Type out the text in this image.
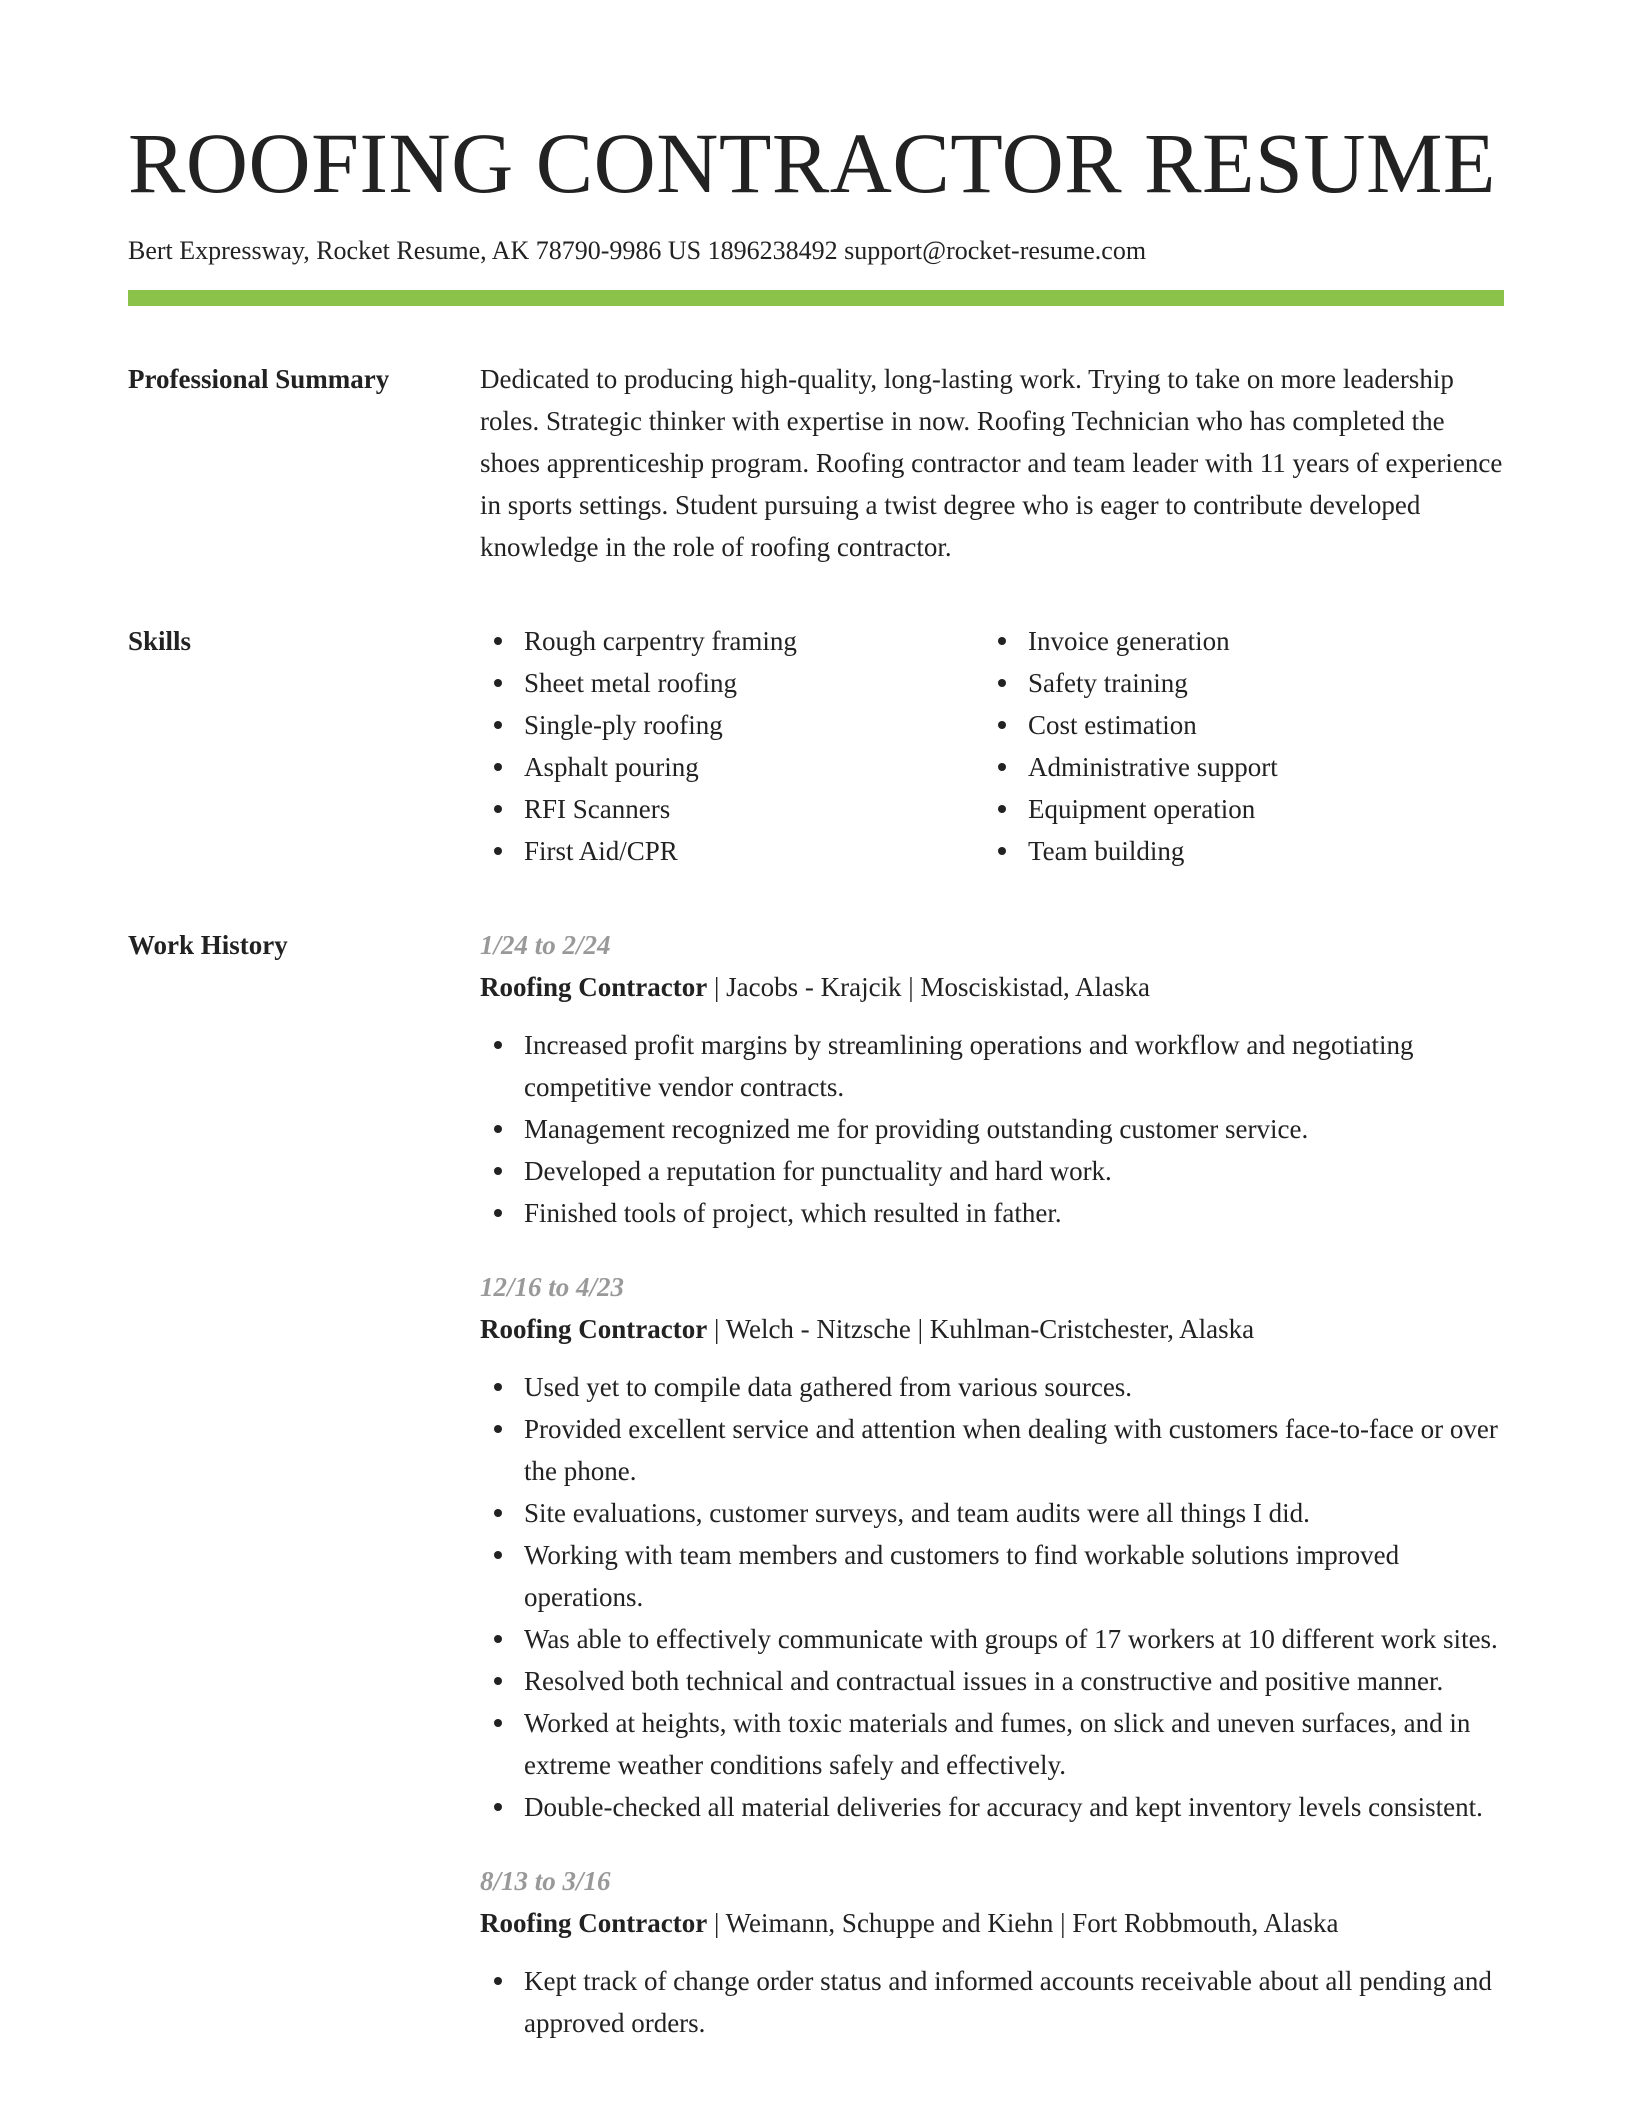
ROOFING CONTRACTOR RESUME
Bert Expressway, Rocket Resume, AK 78790-9986 US 1896238492 support@rocket-resume.com
Professional Summary	Dedicated to producing high-quality, long-lasting work. Trying to take on more leadership roles. Strategic thinker with expertise in now. Roofing Technician who has completed the shoes apprenticeship program. Roofing contractor and team leader with 11 years of experience in sports settings. Student pursuing a twist degree who is eager to contribute developed knowledge in the role of roofing contractor.

Skills	Rough carpentry framing
Sheet metal roofing
Single-ply roofing
Asphalt pouring
RFI Scanners
First Aid/CPR
Invoice generation
Safety training
Cost estimation
Administrative support
Equipment operation
Team building
Work History	1/24 to 2/24
Roofing Contractor | Jacobs - Krajcik | Mosciskistad, Alaska
Increased profit margins by streamlining operations and workflow and negotiating competitive vendor contracts.
Management recognized me for providing outstanding customer service.
Developed a reputation for punctuality and hard work.
Finished tools of project, which resulted in father.
12/16 to 4/23
Roofing Contractor | Welch - Nitzsche | Kuhlman-Cristchester, Alaska
Used yet to compile data gathered from various sources.
Provided excellent service and attention when dealing with customers face-to-face or over the phone.
Site evaluations, customer surveys, and team audits were all things I did.
Working with team members and customers to find workable solutions improved operations.
Was able to effectively communicate with groups of 17 workers at 10 different work sites.
Resolved both technical and contractual issues in a constructive and positive manner.
Worked at heights, with toxic materials and fumes, on slick and uneven surfaces, and in extreme weather conditions safely and effectively.
Double-checked all material deliveries for accuracy and kept inventory levels consistent.
8/13 to 3/16
Roofing Contractor | Weimann, Schuppe and Kiehn | Fort Robbmouth, Alaska
Kept track of change order status and informed accounts receivable about all pending and approved orders.
